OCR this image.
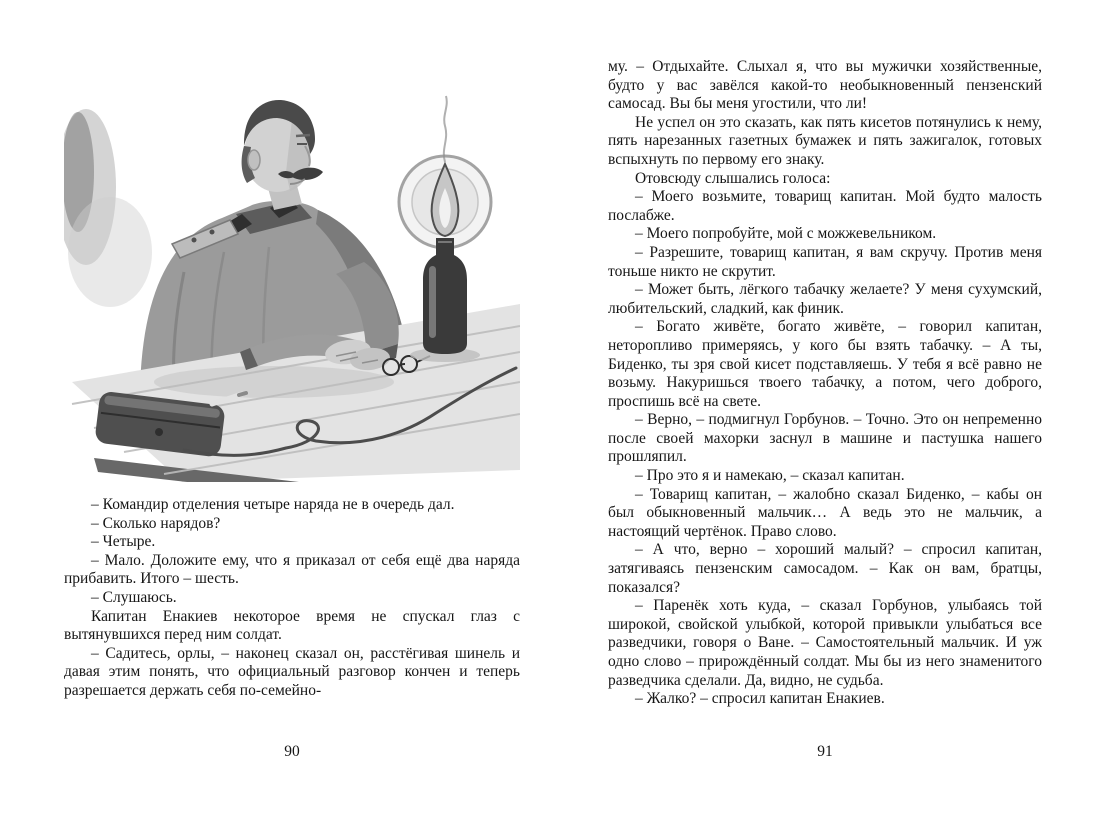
– Командир отделения четыре наряда не в очередь дал.

– Сколько нарядов?

– Четыре.

– Мало. Доложите ему, что я приказал от себя ещё два наряда прибавить. Итого – шесть.

– Слушаюсь.

Капитан Енакиев некоторое время не спускал глаз с вытянувшихся перед ним солдат.

– Садитесь, орлы, – наконец сказал он, расстёгивая шинель и давая этим понять, что официальный разговор кончен и теперь разрешается держать себя по-семейно-

90

му. – Отдыхайте. Слыхал я, что вы мужички хозяйственные, будто у вас завёлся какой-то необыкновенный пензенский самосад. Вы бы меня угостили, что ли!

Не успел он это сказать, как пять кисетов потянулись к нему, пять нарезанных газетных бумажек и пять зажигалок, готовых вспыхнуть по первому его знаку.

Отовсюду слышались голоса:

– Моего возьмите, товарищ капитан. Мой будто малость послабже.

– Моего попробуйте, мой с можжевельником.

– Разрешите, товарищ капитан, я вам скручу. Против меня тоньше никто не скрутит.

– Может быть, лёгкого табачку желаете? У меня сухумский, любительский, сладкий, как финик.

– Богато живёте, богато живёте, – говорил капитан, неторопливо примеряясь, у кого бы взять табачку. – А ты, Биденко, ты зря свой кисет подставляешь. У тебя я всё равно не возьму. Накуришься твоего табачку, а потом, чего доброго, проспишь всё на свете.

– Верно, – подмигнул Горбунов. – Точно. Это он непременно после своей махорки заснул в машине и пастушка нашего прошляпил.

– Про это я и намекаю, – сказал капитан.

– Товарищ капитан, – жалобно сказал Биденко, – кабы он был обыкновенный мальчик… А ведь это не мальчик, а настоящий чертёнок. Право слово.

– А что, верно – хороший малый? – спросил капитан, затягиваясь пензенским самосадом. – Как он вам, братцы, показался?

– Паренёк хоть куда, – сказал Горбунов, улыбаясь той широкой, свойской улыбкой, которой привыкли улыбаться все разведчики, говоря о Ване. – Самостоятельный мальчик. И уж одно слово – прирождённый солдат. Мы бы из него знаменитого разведчика сделали. Да, видно, не судьба.

– Жалко? – спросил капитан Енакиев.

91
